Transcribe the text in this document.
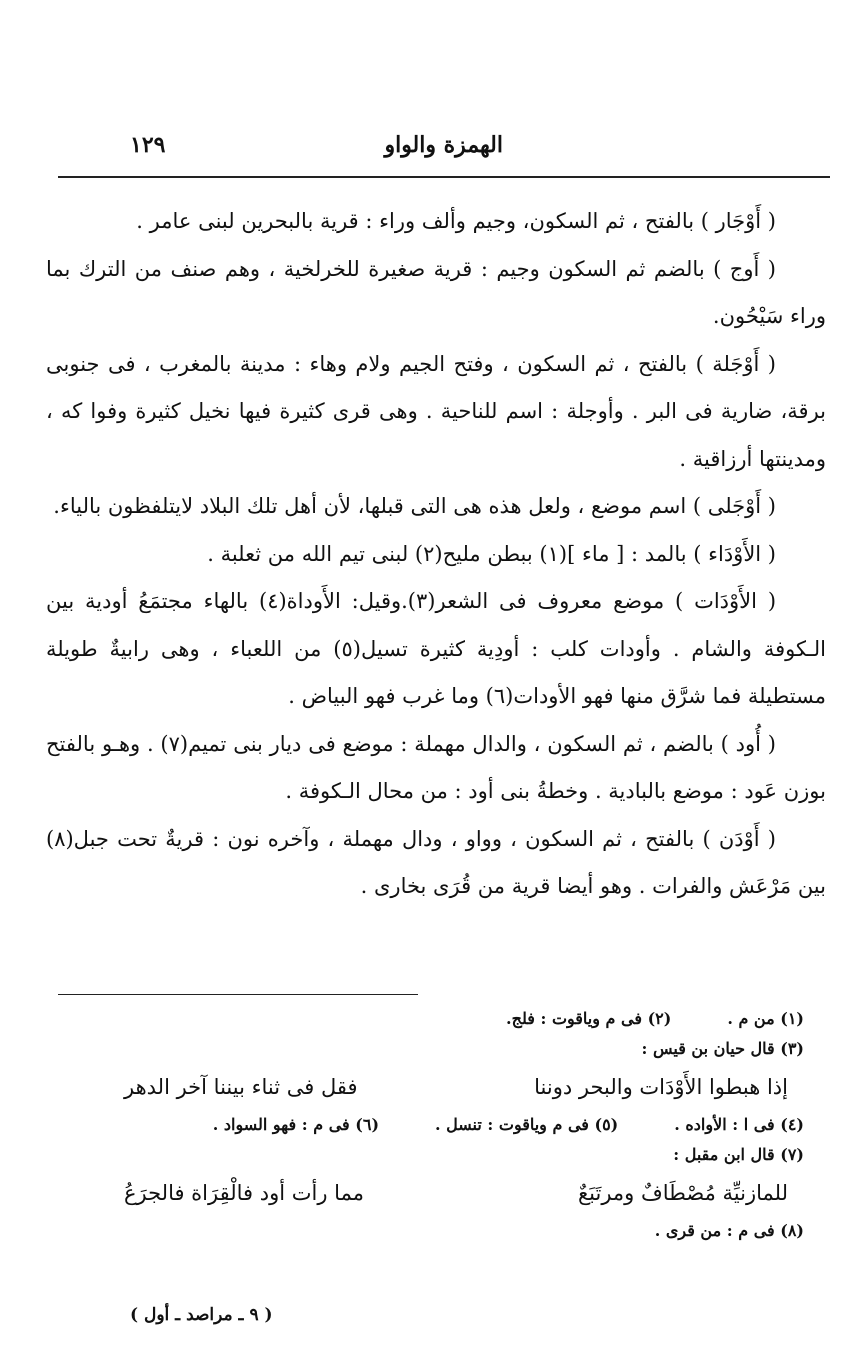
الهمزة والواو
١٢٩

( أَوْجَار ) بالفتح ، ثم السكون، وجيم وألف وراء : قرية بالبحرين لبنى عامر .

( أَوج ) بالضم ثم السكون وجيم : قرية صغيرة للخرلخية ، وهم صنف من الترك بما وراء سَيْحُون.

( أَوْجَلة ) بالفتح ، ثم السكون ، وفتح الجيم ولام وهاء : مدينة بالمغرب ، فى جنوبى برقة، ضارية فى البر . وأوجلة : اسم للناحية . وهى قرى كثيرة فيها نخيل كثيرة وفوا كه ، ومدينتها أرزاقية .

( أَوْجَلى ) اسم موضع ، ولعل هذه هى التى قبلها، لأن أهل تلك البلاد لايتلفظون بالياء.

( الأَوْدَاء ) بالمد : [ ماء ](١) ببطن مليح(٢) لبنى تيم الله من ثعلبة .

( الأَوْدَات ) موضع معروف فى الشعر(٣).وقيل: الأَوداة(٤) بالهاء مجتمَعُ أودية بين الـكوفة والشام . وأودات كلب : أودِية كثيرة تسيل(٥) من اللعباء ، وهى رابيةٌ طويلة مستطيلة فما شرَّق منها فهو الأودات(٦) وما غرب فهو البياض .

( أُود ) بالضم ، ثم السكون ، والدال مهملة : موضع فى ديار بنى تميم(٧) . وهـو بالفتح بوزن عَود : موضع بالبادية . وخطةُ بنى أود : من محال الـكوفة .

( أَوْدَن ) بالفتح ، ثم السكون ، وواو ، ودال مهملة ، وآخره نون : قريةٌ تحت جبل(٨) بين مَرْعَش والفرات . وهو أيضا قرية من قُرَى بخارى .

(١) من م .
(٢) فى م وياقوت : فلج.
(٣) قال حيان بن قيس :
إذا هبطوا الأَوْدَات والبحر دوننا
فقل فى ثناء بيننا آخر الدهر
(٤) فى ا : الأواده .
(٥) فى م وياقوت : تنسل .
(٦) فى م : فهو السواد .
(٧) قال ابن مقبل :
للمازنيِّة مُصْطَافٌ ومرتَبَعٌ
مما رأت أود فالْقِرَاة فالجرَعُ
(٨) فى م : من قرى .
( ٩ ـ مراصد ـ أول )
